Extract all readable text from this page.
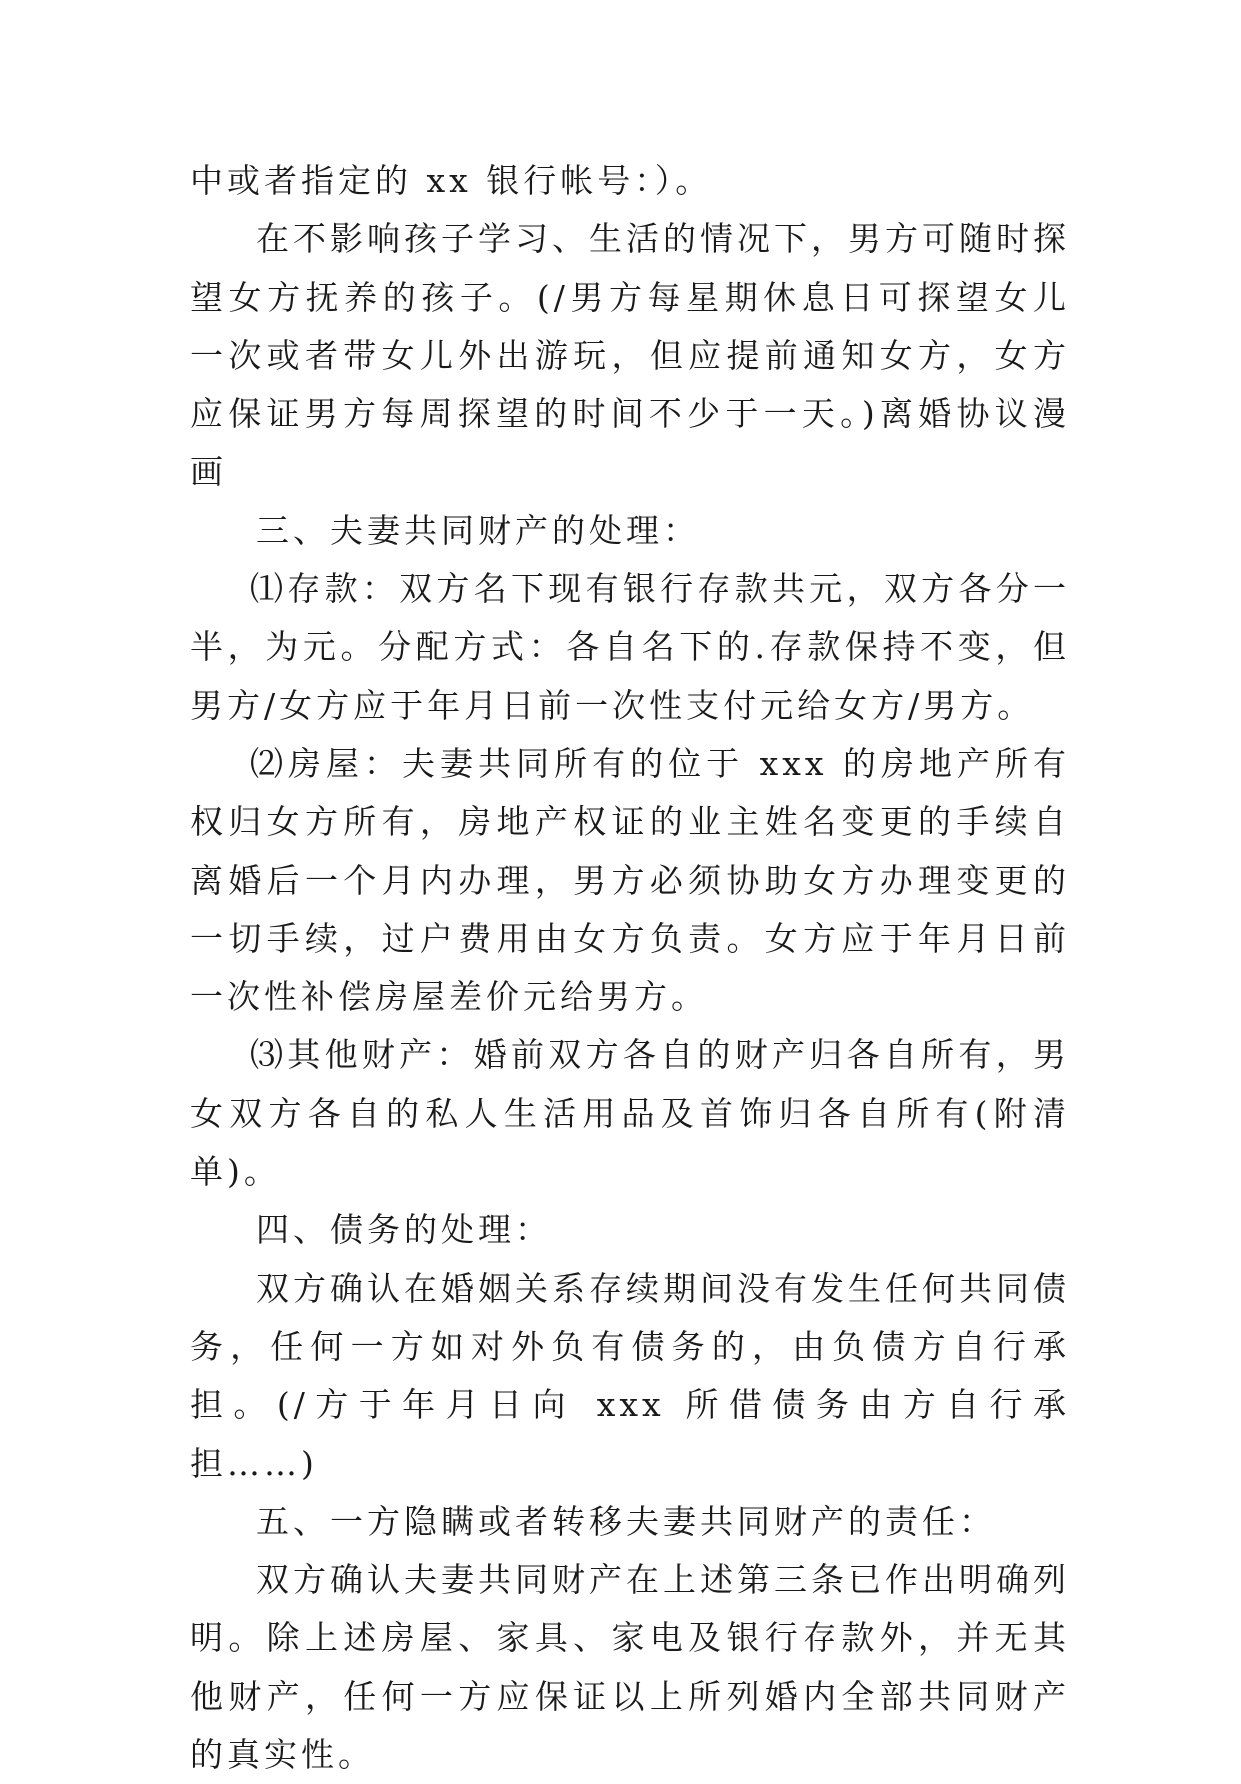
中或者指定的 xx 银行帐号：）。

在不影响孩子学习、生活的情况下，男方可随时探望女方抚养的孩子。(/男方每星期休息日可探望女儿一次或者带女儿外出游玩，但应提前通知女方，女方应保证男方每周探望的时间不少于一天。)离婚协议漫画

三、夫妻共同财产的处理：

⑴存款：双方名下现有银行存款共元，双方各分一半，为元。分配方式：各自名下的.存款保持不变，但男方/女方应于年月日前一次性支付元给女方/男方。

⑵房屋：夫妻共同所有的位于 xxx 的房地产所有权归女方所有，房地产权证的业主姓名变更的手续自离婚后一个月内办理，男方必须协助女方办理变更的一切手续，过户费用由女方负责。女方应于年月日前一次性补偿房屋差价元给男方。

⑶其他财产：婚前双方各自的财产归各自所有，男女双方各自的私人生活用品及首饰归各自所有(附清单)。

四、债务的处理：

双方确认在婚姻关系存续期间没有发生任何共同债务，任何一方如对外负有债务的，由负债方自行承担。(/方于年月日向 xxx 所借债务由方自行承担……)

五、一方隐瞒或者转移夫妻共同财产的责任：

双方确认夫妻共同财产在上述第三条已作出明确列明。除上述房屋、家具、家电及银行存款外，并无其他财产，任何一方应保证以上所列婚内全部共同财产的真实性。
